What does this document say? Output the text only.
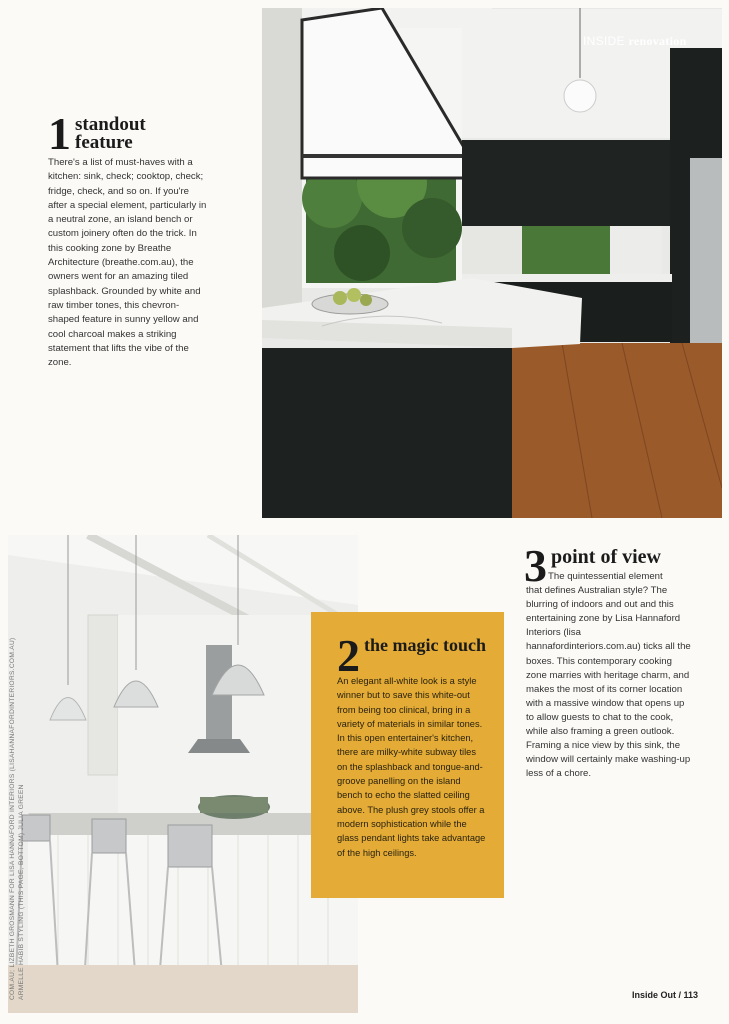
INSIDE renovation
1 standout feature

There's a list of must-haves with a kitchen: sink, check; cooktop, check; fridge, check, and so on. If you're after a special element, particularly in a neutral zone, an island bench or custom joinery often do the trick. In this cooking zone by Breathe Architecture (breathe.com.au), the owners went for an amazing tiled splashback. Grounded by white and raw timber tones, this chevron-shaped feature in sunny yellow and cool charcoal makes a striking statement that lifts the vibe of the zone.

2 the magic touch

An elegant all-white look is a style winner but to save this white-out from being too clinical, bring in a variety of materials in similar tones. In this open entertainer's kitchen, there are milky-white subway tiles on the splashback and tongue-and-groove panelling on the island bench to echo the slatted ceiling above. The plush grey stools offer a modern sophistication while the glass pendant lights take advantage of the high ceilings.

3 point of view

The quintessential element
that defines Australian style? The blurring of indoors and out and this entertaining zone by Lisa Hannaford Interiors (lisa hannafordinteriors.com.au) ticks all the boxes. This contemporary cooking zone marries with heritage charm, and makes the most of its corner location with a massive window that opens up to allow guests to chat to the cook, while also framing a green outlook. Framing a nice view by this sink, the window will certainly make washing-up less of a chore.

COM.AU; LIZBETH GROSMANN FOR LISA HANNAFORD INTERIORS (LISAHANNAFORDINTERIORS.COM.AU) ARMELLE HABIB STYLING (THIS PAGE, BOTTOM) JULIA GREEN	Inside Out / 113
